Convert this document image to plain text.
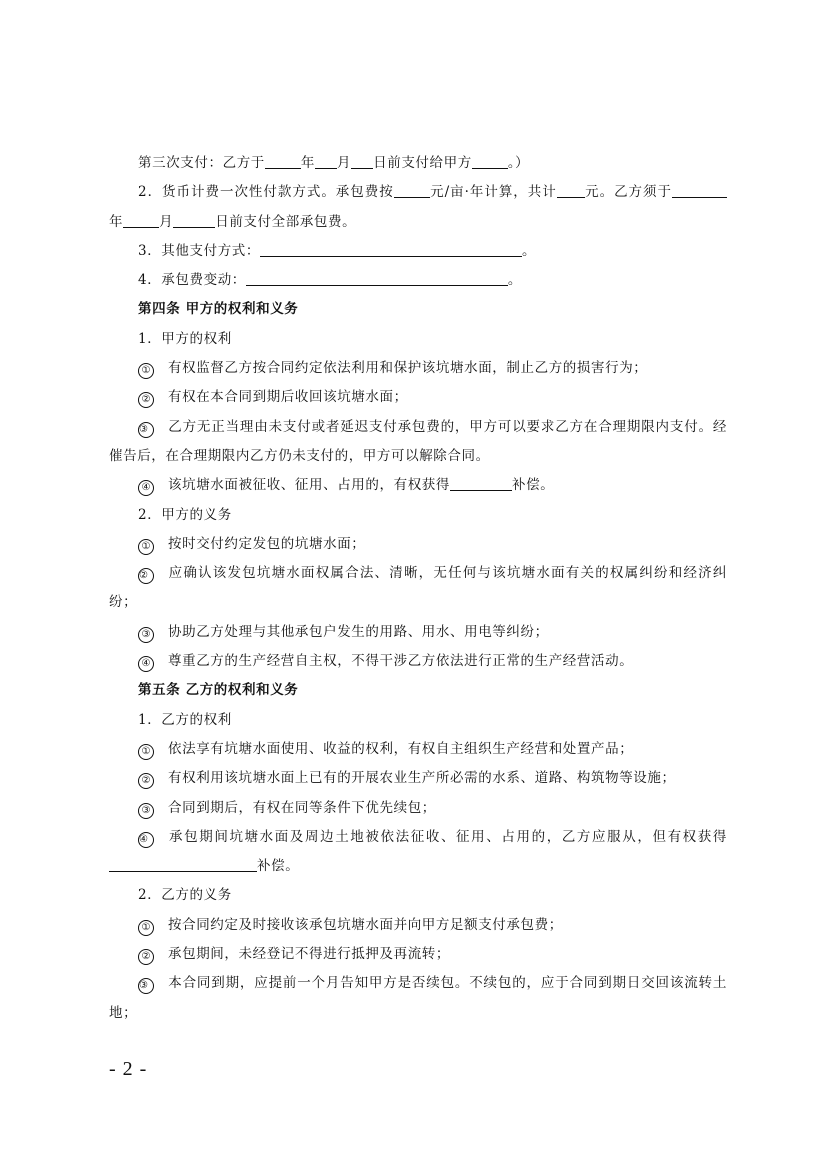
第三次支付：乙方于	年 月 日前支付给甲方	。）

2．货币计费一次性付款方式。承包费按	元/亩·年计算，共计 元。乙方须于年	月	日前支付全部承包费。

3．其他支付方式：	。

4．承包费变动：	。

第四条 甲方的权利和义务

1．甲方的权利

① 有权监督乙方按合同约定依法利用和保护该坑塘水面，制止乙方的损害行为；

② 有权在本合同到期后收回该坑塘水面；

③ 乙方无正当理由未支付或者延迟支付承包费的，甲方可以要求乙方在合理期限内支付。经催告后，在合理期限内乙方仍未支付的，甲方可以解除合同。

④ 该坑塘水面被征收、征用、占用的，有权获得	补偿。

2．甲方的义务

① 按时交付约定发包的坑塘水面；

② 应确认该发包坑塘水面权属合法、清晰，无任何与该坑塘水面有关的权属纠纷和经济纠纷；

③ 协助乙方处理与其他承包户发生的用路、用水、用电等纠纷；

④ 尊重乙方的生产经营自主权，不得干涉乙方依法进行正常的生产经营活动。

第五条 乙方的权利和义务

1．乙方的权利

① 依法享有坑塘水面使用、收益的权利，有权自主组织生产经营和处置产品；

② 有权利用该坑塘水面上已有的开展农业生产所必需的水系、道路、构筑物等设施；

③ 合同到期后，有权在同等条件下优先续包；

④ 承包期间坑塘水面及周边土地被依法征收、征用、占用的，乙方应服从，但有权获得补偿。

2．乙方的义务

① 按合同约定及时接收该承包坑塘水面并向甲方足额支付承包费；

② 承包期间，未经登记不得进行抵押及再流转；

③ 本合同到期，应提前一个月告知甲方是否续包。不续包的，应于合同到期日交回该流转土地；

- 2 -
